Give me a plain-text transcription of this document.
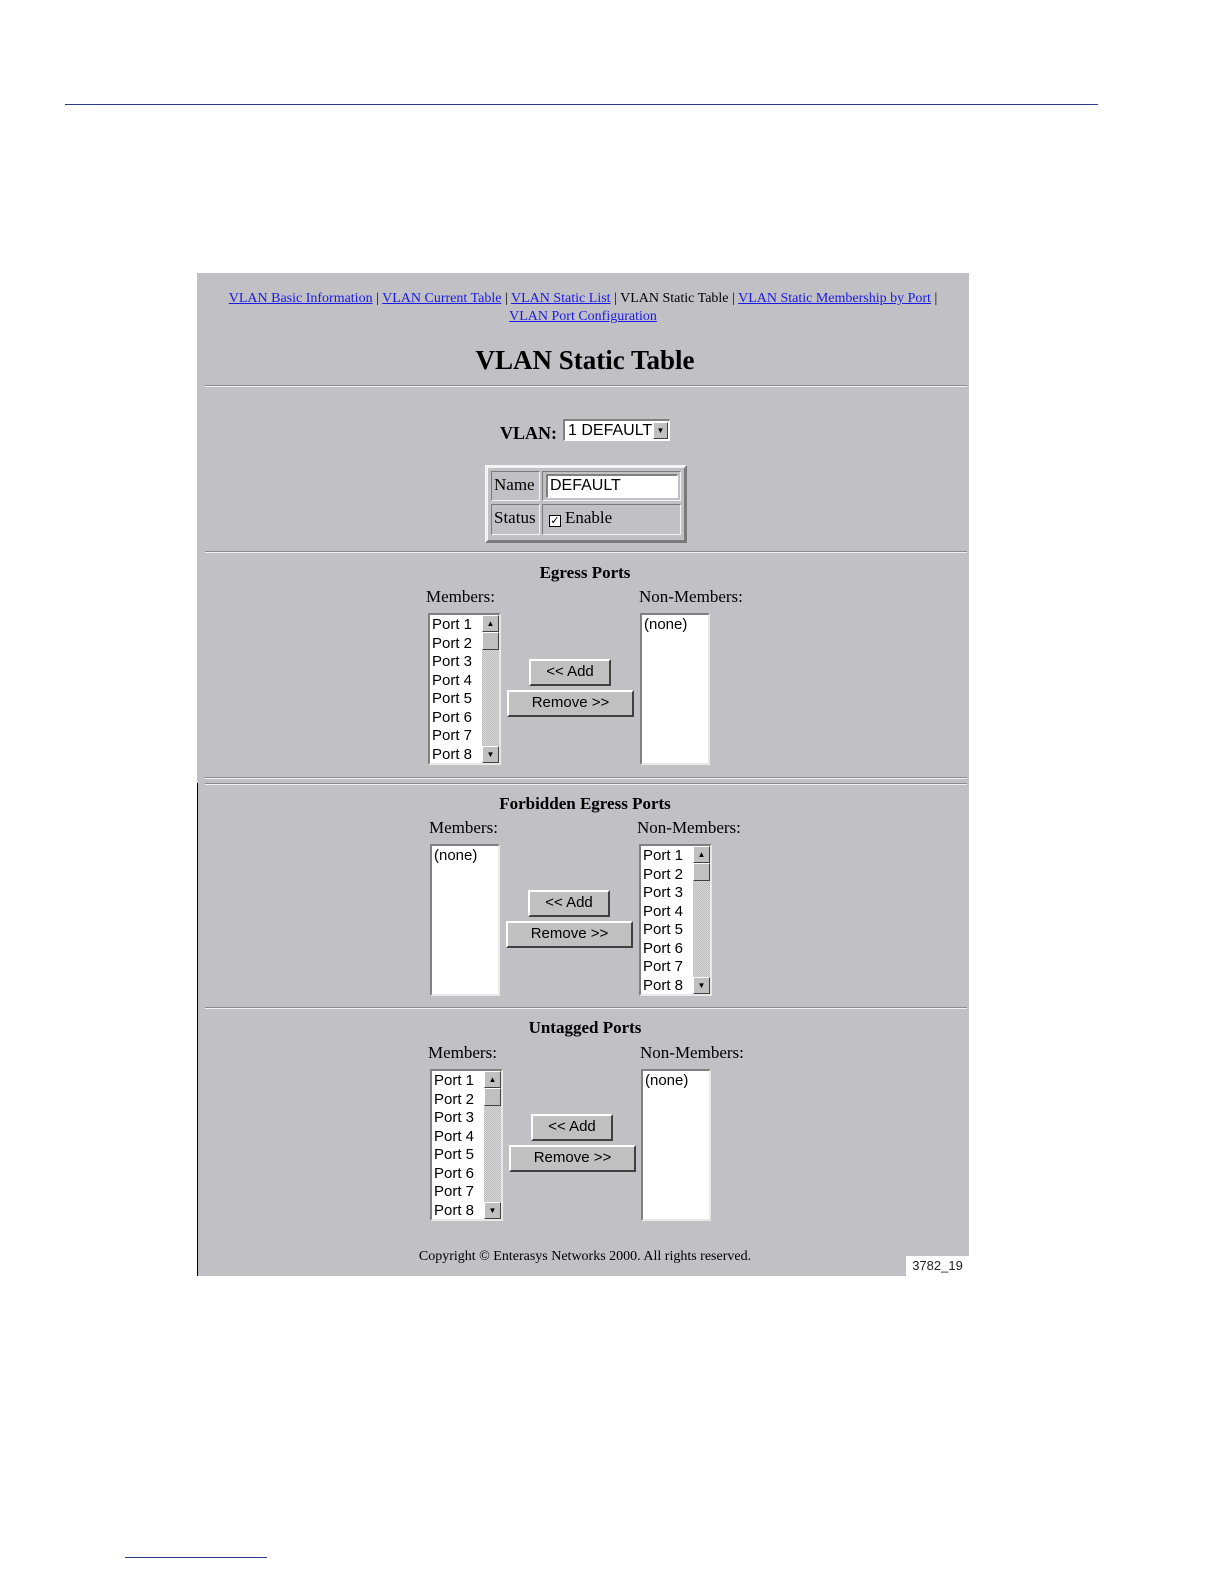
VLAN Basic Information | VLAN Current Table | VLAN Static List | VLAN Static Table | VLAN Static Membership by Port |
VLAN Port Configuration
VLAN Static Table
VLAN: 1 DEFAULT ▼
Name DEFAULT
Status	✓ Enable
Egress Ports
Members:	Non-Members:
Port 1
Port 2
Port 3
Port 4
Port 5
Port 6
Port 7
Port 8
▲
▼
<< Add
Remove >>
(none)
Forbidden Egress Ports
Members:	Non-Members:
(none)
<< Add
Remove >>
Port 1
Port 2
Port 3
Port 4
Port 5
Port 6
Port 7
Port 8
▲
▼
Untagged Ports
Members:	Non-Members:
Port 1
Port 2
Port 3
Port 4
Port 5
Port 6
Port 7
Port 8
▲
▼
<< Add
Remove >>
(none)
Copyright © Enterasys Networks 2000. All rights reserved.
3782_19
